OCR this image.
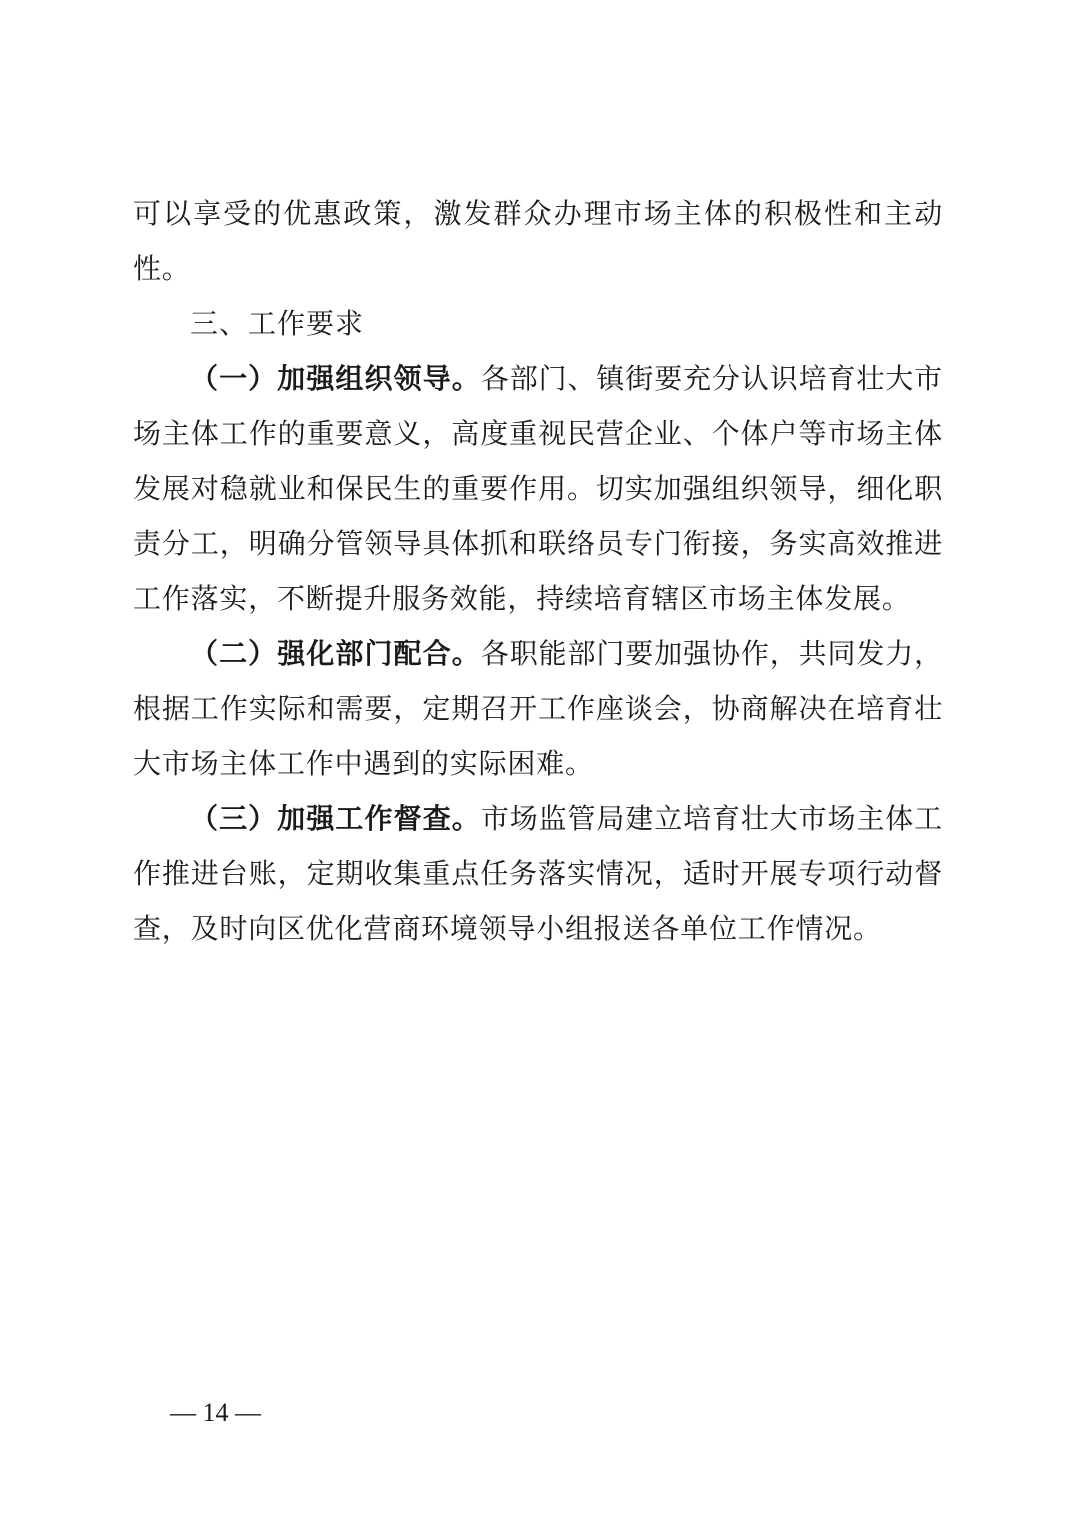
可以享受的优惠政策，激发群众办理市场主体的积极性和主动性。

三、工作要求

（一）加强组织领导。各部门、镇街要充分认识培育壮大市场主体工作的重要意义，高度重视民营企业、个体户等市场主体发展对稳就业和保民生的重要作用。切实加强组织领导，细化职责分工，明确分管领导具体抓和联络员专门衔接，务实高效推进工作落实，不断提升服务效能，持续培育辖区市场主体发展。

（二）强化部门配合。各职能部门要加强协作，共同发力，根据工作实际和需要，定期召开工作座谈会，协商解决在培育壮大市场主体工作中遇到的实际困难。

（三）加强工作督查。市场监管局建立培育壮大市场主体工作推进台账，定期收集重点任务落实情况，适时开展专项行动督查，及时向区优化营商环境领导小组报送各单位工作情况。

— 14 —
